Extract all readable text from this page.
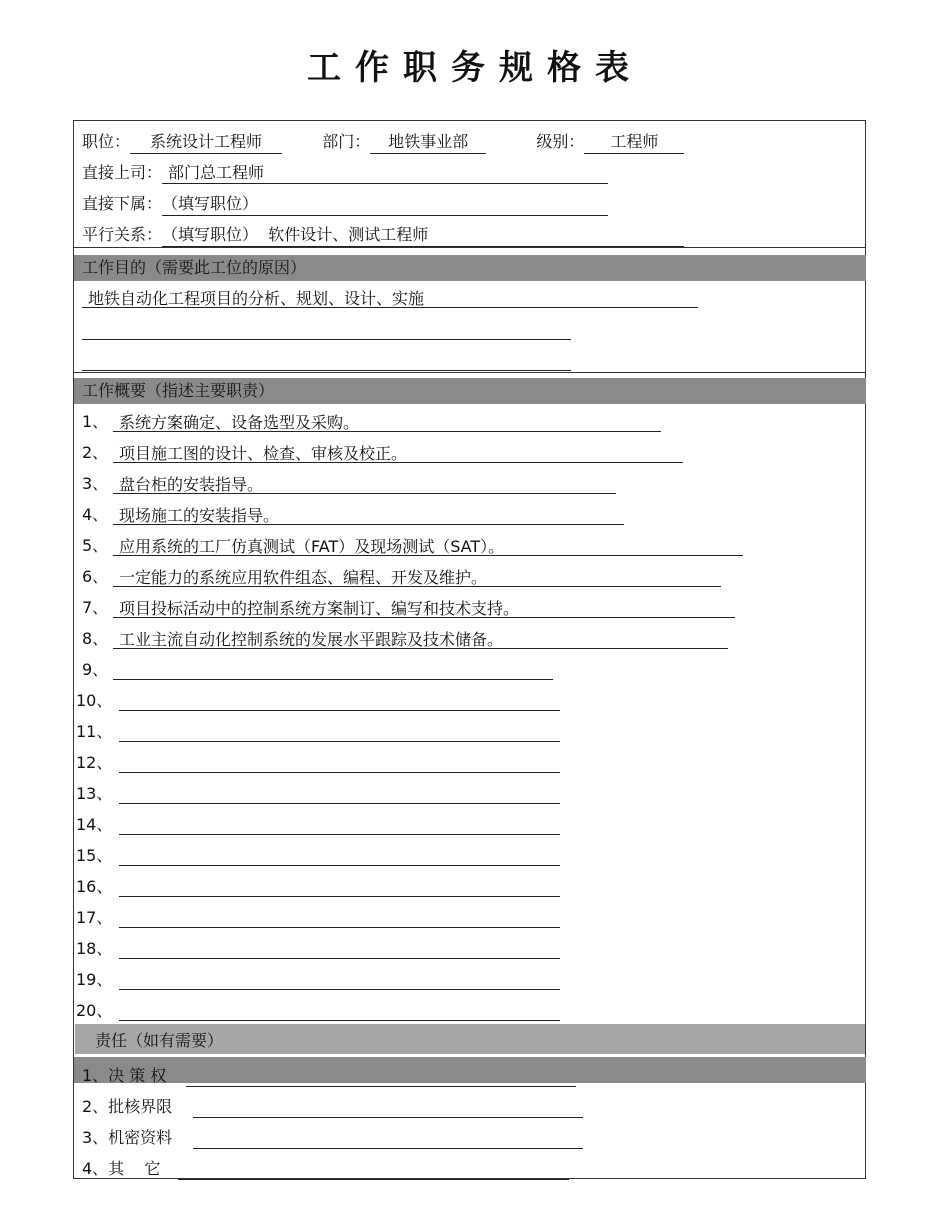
工作职务规格表
职位： 系统设计工程师	部门： 地铁事业部	级别： 工程师
直接上司： 部门总工程师
直接下属：（填写职位）
平行关系：（填写职位）  软件设计、测试工程师
工作目的（需要此工位的原因）
地铁自动化工程项目的分析、规划、设计、实施
工作概要（指述主要职责）
1、 系统方案确定、设备选型及采购。
2、 项目施工图的设计、检查、审核及校正。
3、 盘台柜的安装指导。
4、 现场施工的安装指导。
5、 应用系统的工厂仿真测试（FAT）及现场测试（SAT）。
6、 一定能力的系统应用软件组态、编程、开发及维护。
7、 项目投标活动中的控制系统方案制订、编写和技术支持。
8、 工业主流自动化控制系统的发展水平跟踪及技术储备。
9、
10、
11、
12、
13、
14、
15、
16、
17、
18、
19、
20、
责任（如有需要）
1、决 策 权
2、批核界限
3、机密资料
4、其    它
